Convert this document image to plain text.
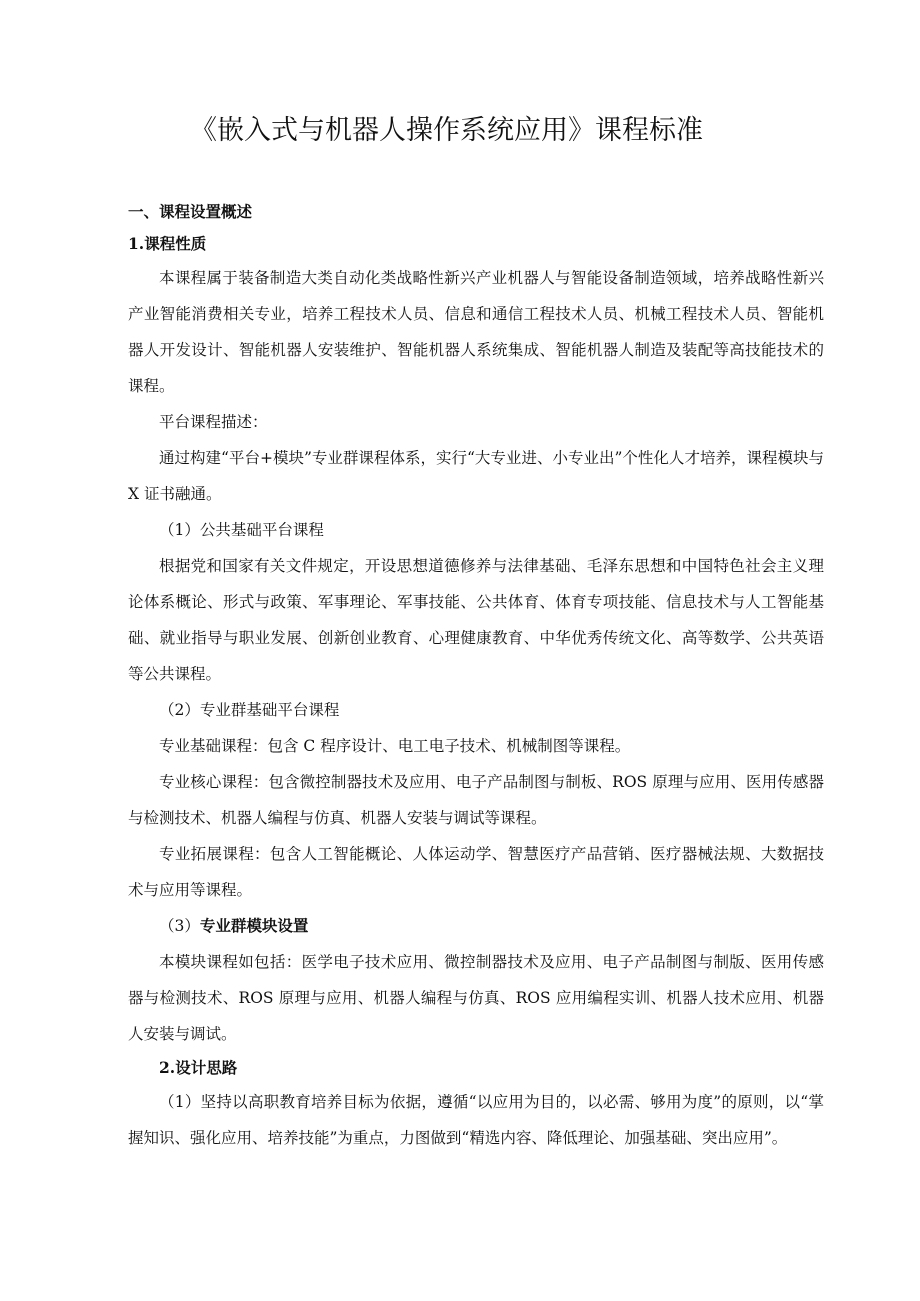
《嵌入式与机器人操作系统应用》课程标准
一、课程设置概述
1.课程性质

本课程属于装备制造大类自动化类战略性新兴产业机器人与智能设备制造领域，培养战略性新兴产业智能消费相关专业，培养工程技术人员、信息和通信工程技术人员、机械工程技术人员、智能机器人开发设计、智能机器人安装维护、智能机器人系统集成、智能机器人制造及装配等高技能技术的课程。

平台课程描述：

通过构建“平台+模块”专业群课程体系，实行“大专业进、小专业出”个性化人才培养，课程模块与 X 证书融通。

（1）公共基础平台课程

根据党和国家有关文件规定，开设思想道德修养与法律基础、毛泽东思想和中国特色社会主义理论体系概论、形式与政策、军事理论、军事技能、公共体育、体育专项技能、信息技术与人工智能基础、就业指导与职业发展、创新创业教育、心理健康教育、中华优秀传统文化、高等数学、公共英语等公共课程。

（2）专业群基础平台课程

专业基础课程：包含 C 程序设计、电工电子技术、机械制图等课程。

专业核心课程：包含微控制器技术及应用、电子产品制图与制板、ROS 原理与应用、医用传感器与检测技术、机器人编程与仿真、机器人安装与调试等课程。

专业拓展课程：包含人工智能概论、人体运动学、智慧医疗产品营销、医疗器械法规、大数据技术与应用等课程。

（3）专业群模块设置

本模块课程如包括：医学电子技术应用、微控制器技术及应用、电子产品制图与制版、医用传感器与检测技术、ROS 原理与应用、机器人编程与仿真、ROS 应用编程实训、机器人技术应用、机器人安装与调试。

2.设计思路

（1）坚持以高职教育培养目标为依据，遵循“以应用为目的，以必需、够用为度”的原则，以“掌握知识、强化应用、培养技能”为重点，力图做到“精选内容、降低理论、加强基础、突出应用”。
